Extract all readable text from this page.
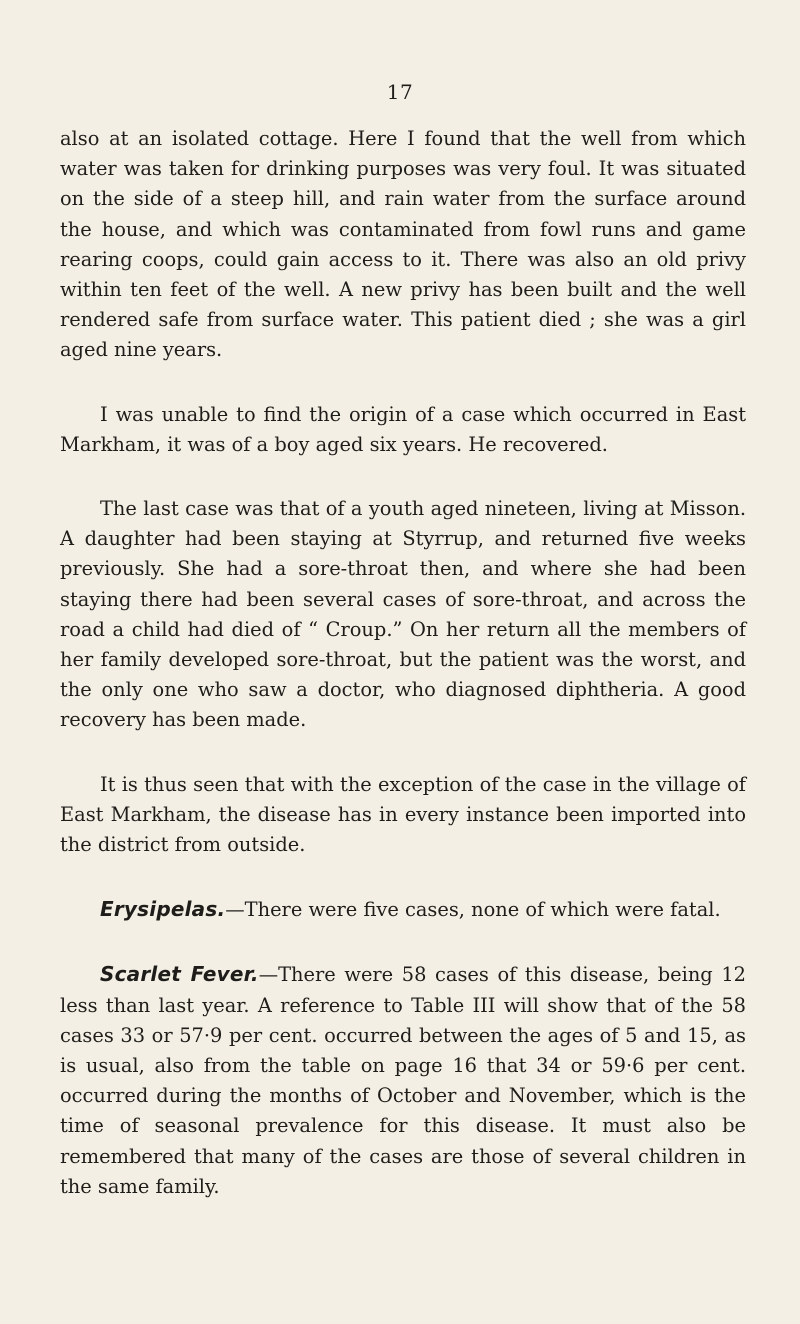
17

also at an isolated cottage. Here I found that the well from which water was taken for drinking purposes was very foul. It was situated on the side of a steep hill, and rain water from the surface around the house, and which was contaminated from fowl runs and game rearing coops, could gain access to it. There was also an old privy within ten feet of the well. A new privy has been built and the well rendered safe from surface water. This patient died ; she was a girl aged nine years.

I was unable to find the origin of a case which occurred in East Markham, it was of a boy aged six years. He recovered.

The last case was that of a youth aged nineteen, living at Misson. A daughter had been staying at Styrrup, and returned five weeks previously. She had a sore-throat then, and where she had been staying there had been several cases of sore-throat, and across the road a child had died of “ Croup.” On her return all the members of her family developed sore-throat, but the patient was the worst, and the only one who saw a doctor, who diagnosed diphtheria. A good recovery has been made.

It is thus seen that with the exception of the case in the village of East Markham, the disease has in every instance been imported into the district from outside.

Erysipelas.—There were five cases, none of which were fatal.

Scarlet Fever.—There were 58 cases of this disease, being 12 less than last year. A reference to Table III will show that of the 58 cases 33 or 57·9 per cent. occurred between the ages of 5 and 15, as is usual, also from the table on page 16 that 34 or 59·6 per cent. occurred during the months of October and November, which is the time of seasonal prevalence for this disease. It must also be remembered that many of the cases are those of several children in the same family.
